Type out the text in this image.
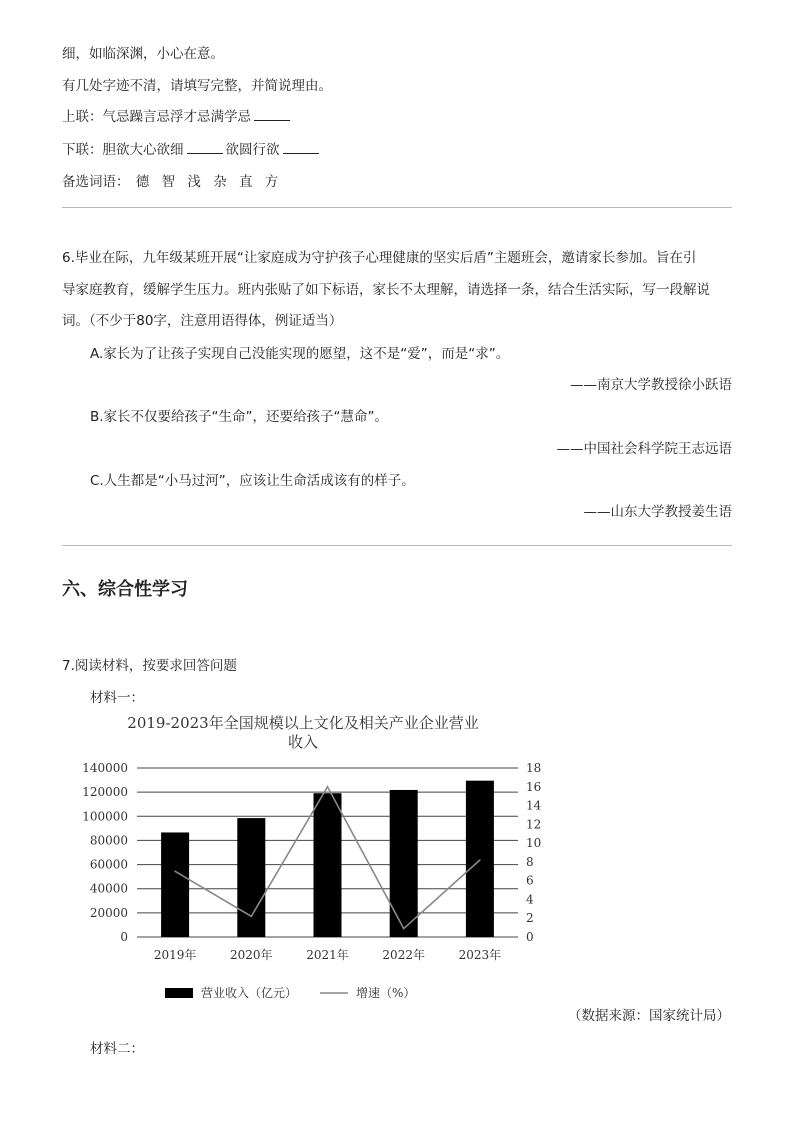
细，如临深渊，小心在意。
有几处字迹不清，请填写完整，并简说理由。
上联：气忌躁言忌浮才忌满学忌
下联：胆欲大心欲细	欲圆行欲
备选词语： 德 智 浅 杂 直 方
6.毕业在际，九年级某班开展“让家庭成为守护孩子心理健康的坚实后盾”主题班会，邀请家长参加。旨在引
导家庭教育，缓解学生压力。班内张贴了如下标语，家长不太理解，请选择一条，结合生活实际，写一段解说
词。（不少于80字，注意用语得体，例证适当）
A.家长为了让孩子实现自己没能实现的愿望，这不是“爱”，而是“求”。
——南京大学教授徐小跃语
B.家长不仅要给孩子“生命”，还要给孩子“慧命”。
——中国社会科学院王志远语
C.人生都是“小马过河”，应该让生命活成该有的样子。
——山东大学教授姜生语
六、综合性学习
7.阅读材料，按要求回答问题
材料一：
2019-2023年全国规模以上文化及相关产业企业营业
收入
0
20000
40000
60000
80000
100000
120000
140000
0
2
4
6
8
10
12
14
16
18
2019年	2020年	2021年	2022年	2023年
营业收入（亿元）	增速（%）
（数据来源：国家统计局）
材料二：
